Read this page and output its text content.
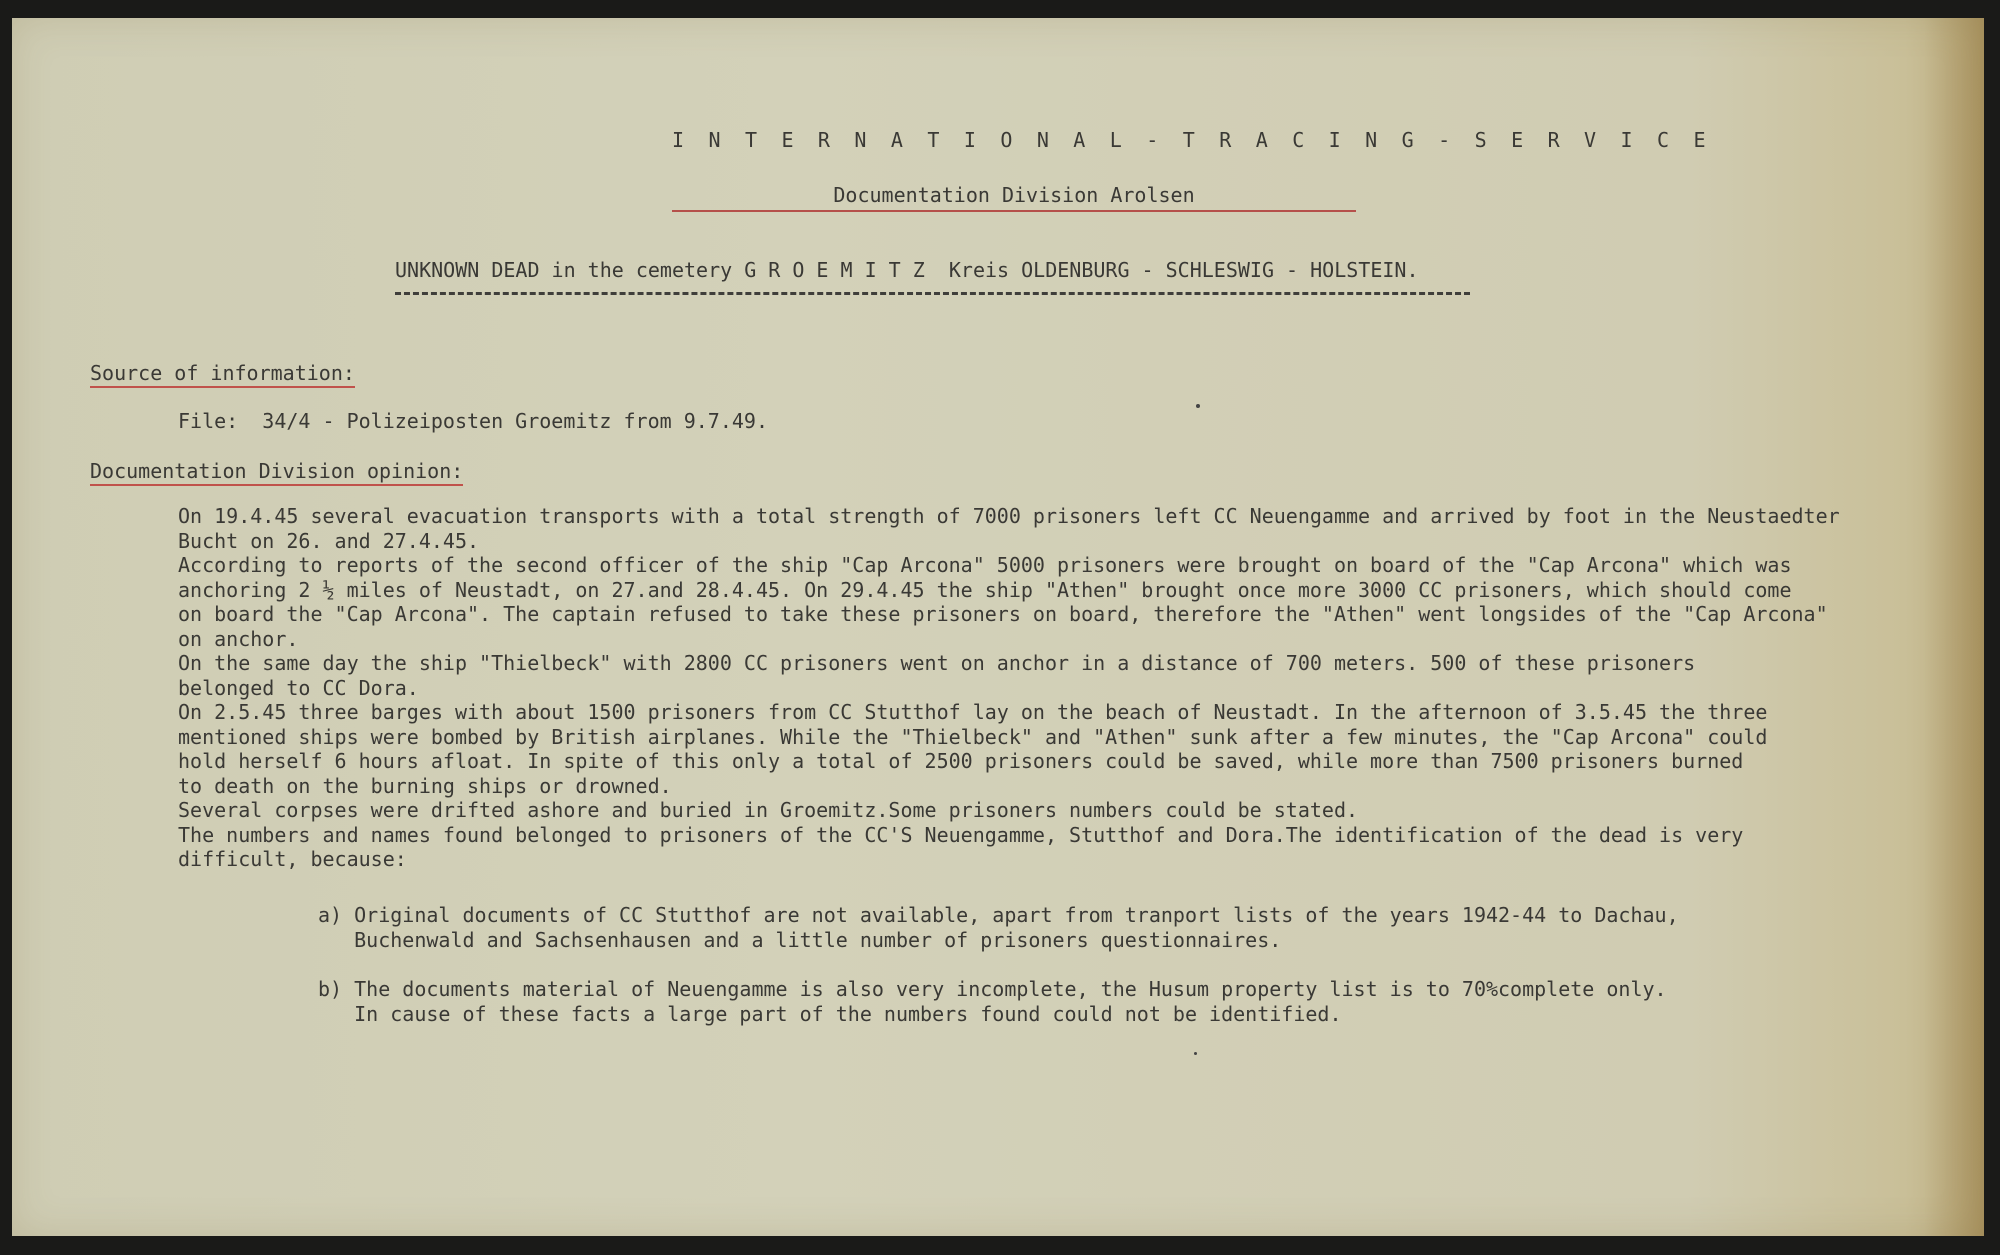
I N T E R N A T I O N A L - T R A C I N G - S E R V I C E
Documentation Division Arolsen
UNKNOWN DEAD in the cemetery G R O E M I T Z  Kreis OLDENBURG - SCHLESWIG - HOLSTEIN.
Source of information:
File:  34/4 - Polizeiposten Groemitz from 9.7.49.
Documentation Division opinion:
On 19.4.45 several evacuation transports with a total strength of 7000 prisoners left CC Neuengamme and arrived by foot in the Neustaedter
Bucht on 26. and 27.4.45.
According to reports of the second officer of the ship "Cap Arcona" 5000 prisoners were brought on board of the "Cap Arcona" which was
anchoring 2 ½ miles of Neustadt, on 27.and 28.4.45. On 29.4.45 the ship "Athen" brought once more 3000 CC prisoners, which should come
on board the "Cap Arcona". The captain refused to take these prisoners on board, therefore the "Athen" went longsides of the "Cap Arcona"
on anchor.
On the same day the ship "Thielbeck" with 2800 CC prisoners went on anchor in a distance of 700 meters. 500 of these prisoners
belonged to CC Dora.
On 2.5.45 three barges with about 1500 prisoners from CC Stutthof lay on the beach of Neustadt. In the afternoon of 3.5.45 the three
mentioned ships were bombed by British airplanes. While the "Thielbeck" and "Athen" sunk after a few minutes, the "Cap Arcona" could
hold herself 6 hours afloat. In spite of this only a total of 2500 prisoners could be saved, while more than 7500 prisoners burned
to death on the burning ships or drowned.
Several corpses were drifted ashore and buried in Groemitz.Some prisoners numbers could be stated.
The numbers and names found belonged to prisoners of the CC'S Neuengamme, Stutthof and Dora.The identification of the dead is very
difficult, because:
a) Original documents of CC Stutthof are not available, apart from tranport lists of the years 1942-44 to Dachau,
Buchenwald and Sachsenhausen and a little number of prisoners questionnaires.
b) The documents material of Neuengamme is also very incomplete, the Husum property list is to 70%complete only.
In cause of these facts a large part of the numbers found could not be identified.
